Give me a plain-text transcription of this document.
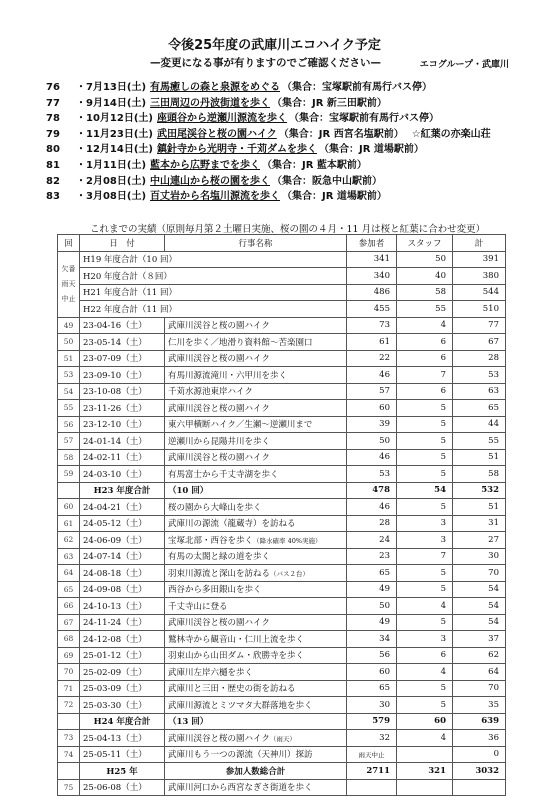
令後25年度の武庫川エコハイク予定
—変更になる事が有りますのでご確認ください—	エコグループ・武庫川
76 ・7月13日(土) 有馬癒しの森と泉源をめぐる （集合：宝塚駅前有馬行バス停）
77 ・9月14日(土) 三田周辺の丹波街道を歩く （集合：JR 新三田駅前）
78 ・10月12日(土) 座頭谷から逆瀬川源流を歩く （集合：宝塚駅前有馬行バス停）
79 ・11月23日(土) 武田尾渓谷と桜の園ハイク （集合：JR 西宮名塩駅前） ☆紅葉の亦楽山荘
80 ・12月14日(土) 鎮針寺から光明寺・千苅ダムを歩く （集合：JR 道場駅前）
81 ・1月11日(土) 藍本から広野までを歩く （集合：JR 藍本駅前）
82 ・2月08日(土) 中山連山から桜の園を歩く （集合：阪急中山駅前）
83 ・3月08日(土) 百丈岩から名塩川源流を歩く （集合：JR 道場駅前）
これまでの実績（原則毎月第２土曜日実施、桜の園の４月・11 月は桜と紅葉に合わせ変更）
回	日　付	行事名称	参加者	スタッフ	計

欠番
雨天
中止	H19 年度合計（10 回）		341	50	391
	H20 年度合計（８回）		340	40	380
	H21 年度合計（11 回）		486	58	544
	H22 年度合計（11 回）		455	55	510
49	23-04-16（土）	武庫川渓谷と桜の園ハイク	73	4	77
50	23-05-14（土）	仁川を歩く／地滑り資料館～苦楽園口	61	6	67
51	23-07-09（土）	武庫川渓谷と桜の園ハイク	22	6	28
53	23-09-10（土）	有馬川源流滝川・六甲川を歩く	46	7	53
54	23-10-08（土）	千苅水源池東岸ハイク	57	6	63
55	23-11-26（土）	武庫川渓谷と桜の園ハイク	60	5	65
56	23-12-10（土）	東六甲横断ハイク／生瀬～逆瀬川まで	39	5	44
57	24-01-14（土）	逆瀬川から昆陽井川を歩く	50	5	55
58	24-02-11（土）	武庫川渓谷と桜の園ハイク	46	5	51
59	24-03-10（土）	有馬富士から千丈寺湖を歩く	53	5	58
	H23 年度合計	（10 回）	478	54	532
60	24-04-21（土）	桜の園から大峰山を歩く	46	5	51
61	24-05-12（土）	武庫川の源流（龍蔵寺）を訪ねる	28	3	31
62	24-06-09（土）	宝塚北部・西谷を歩く（降水確率 40%実施）	24	3	27
63	24-07-14（土）	有馬の太閤と緑の道を歩く	23	7	30
64	24-08-18（土）	羽束川源流と深山を訪ねる（バス２台）	65	5	70
65	24-09-08（土）	西谷から多田銀山を歩く	49	5	54
66	24-10-13（土）	千丈寺山に登る	50	4	54
67	24-11-24（土）	武庫川渓谷と桜の園ハイク	49	5	54
68	24-12-08（土）	鷲林寺から観音山・仁川上流を歩く	34	3	37
69	25-01-12（土）	羽束山から山田ダム・欣勝寺を歩く	56	6	62
70	25-02-09（土）	武庫川左岸六樋を歩く	60	4	64
71	25-03-09（土）	武庫川と三田・歴史の街を訪ねる	65	5	70
72	25-03-30（土）	武庫川源流とミツマタ大群落地を歩く	30	5	35
	H24 年度合計	（13 回）	579	60	639
73	25-04-13（土）	武庫川渓谷と桜の園ハイク（雨天）	32	4	36
74	25-05-11（土）	武庫川もう一つの源流（天神川）探訪	雨天中止		0
	H25 年	参加人数総合計	2711	321	3032
75	25-06-08（土）	武庫川河口から西宮なぎさ街道を歩く			
